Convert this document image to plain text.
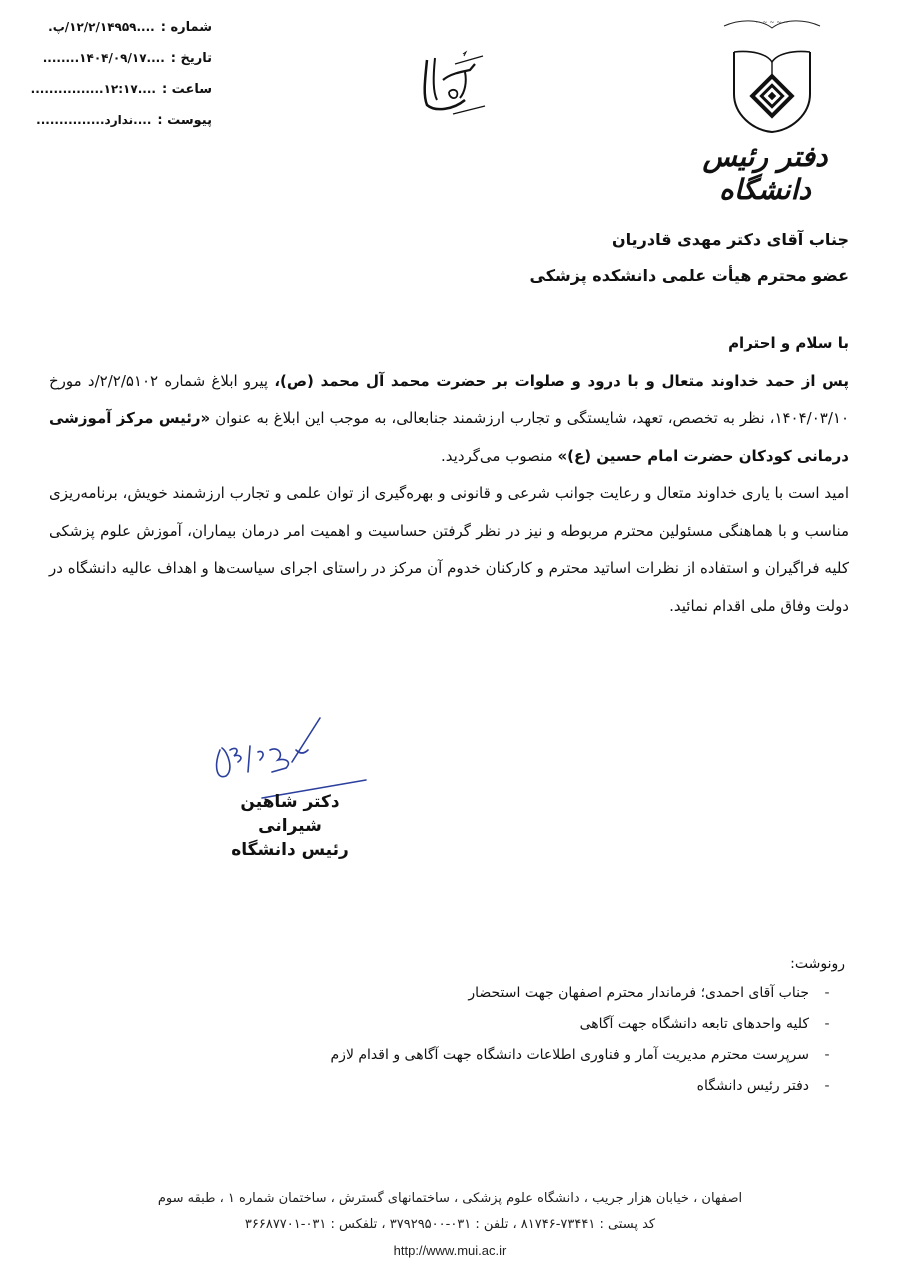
شماره :
....۱۲/۲/۱۴۹۵۹/پ.
تاریخ :
....۱۴۰۴/۰۹/۱۷........
ساعت :
....۱۲:۱۷................
پیوست :
....ندارد...............
~ ~ ~ ~ ~
دفتر رئیس دانشگاه
جناب آقای دکتر مهدی قادریان
عضو محترم هیأت علمی دانشکده پزشکی
با سلام و احترام
پس از حمد خداوند متعال و با درود و صلوات بر حضرت محمد آل محمد (ص)، پیرو ابلاغ شماره ۲/۲/۵۱۰۲/د مورخ ۱۴۰۴/۰۳/۱۰، نظر به تخصص، تعهد، شایستگی و تجارب ارزشمند جنابعالی، به موجب این ابلاغ به عنوان «رئیس مرکز آموزشی درمانی کودکان حضرت امام حسین (ع)» منصوب می‌گردید.
امید است با یاری خداوند متعال و رعایت جوانب شرعی و قانونی و بهره‌گیری از توان علمی و تجارب ارزشمند خویش، برنامه‌ریزی مناسب و با هماهنگی مسئولین محترم مربوطه و نیز در نظر گرفتن حساسیت و اهمیت امر درمان بیماران، آموزش علوم پزشکی کلیه فراگیران و استفاده از نظرات اساتید محترم و کارکنان خدوم آن مرکز در راستای اجرای سیاست‌ها و اهداف عالیه دانشگاه در دولت وفاق ملی اقدام نمائید.
دکتر شاهین شیرانی
رئیس دانشگاه
رونوشت:
-
جناب آقای احمدی؛ فرماندار محترم اصفهان جهت استحضار
-
کلیه واحدهای تابعه دانشگاه جهت آگاهی
-
سرپرست محترم مدیریت آمار و فناوری اطلاعات دانشگاه جهت آگاهی و اقدام لازم
-
دفتر رئیس دانشگاه
اصفهان ، خیابان هزار جریب ، دانشگاه علوم پزشکی ، ساختمانهای گسترش ، ساختمان شماره ۱ ، طبقه سوم
کد پستی : ۷۳۴۴۱-۸۱۷۴۶ ، تلفن : ۰۳۱-۳۷۹۲۹۵۰۰ ، تلفکس : ۰۳۱-۳۶۶۸۷۷۰۱
http://www.mui.ac.ir
